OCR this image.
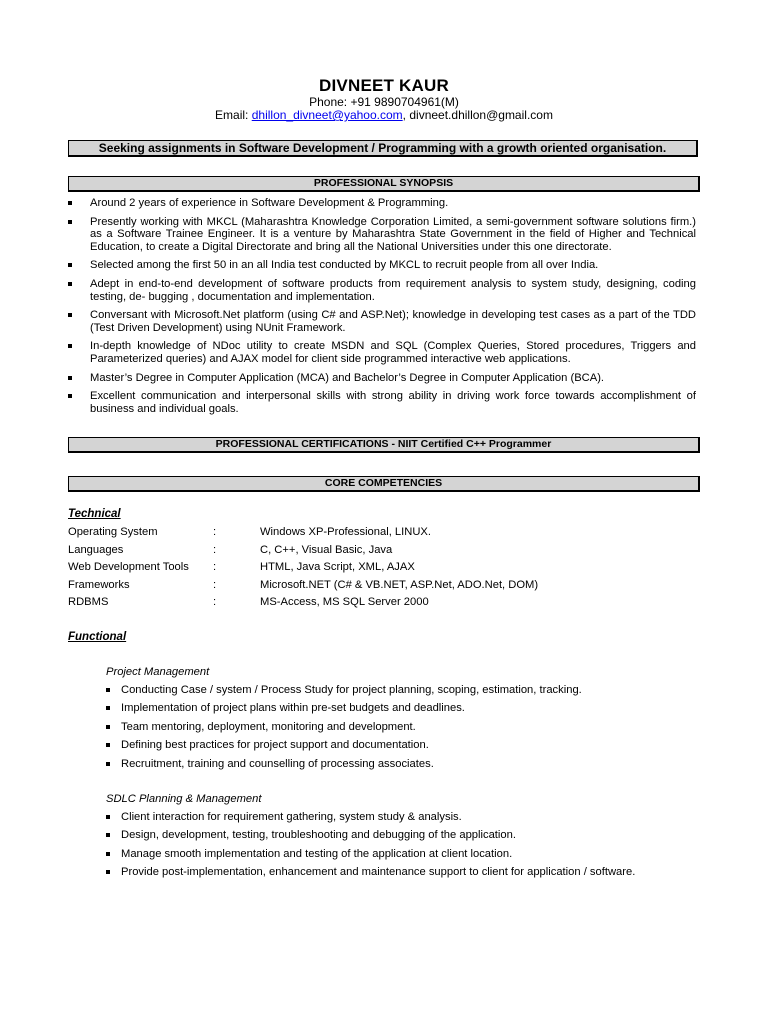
DIVNEET KAUR
Phone: +91 9890704961(M)
Email: dhillon_divneet@yahoo.com, divneet.dhillon@gmail.com
Seeking assignments in Software Development / Programming with a growth oriented organisation.
PROFESSIONAL SYNOPSIS
Around 2 years of experience in Software Development & Programming.
Presently working with MKCL (Maharashtra Knowledge Corporation Limited, a semi-government software solutions firm.) as a Software Trainee Engineer. It is a venture by Maharashtra State Government in the field of Higher and Technical Education, to create a Digital Directorate and bring all the National Universities under this one directorate.
Selected among the first 50 in an all India test conducted by MKCL to recruit people from all over India.
Adept in end-to-end development of software products from requirement analysis to system study, designing, coding testing, de- bugging , documentation and implementation.
Conversant with Microsoft.Net platform (using C# and ASP.Net); knowledge in developing test cases as a part of the TDD (Test Driven Development) using NUnit Framework.
In-depth knowledge of NDoc utility to create MSDN and SQL (Complex Queries, Stored procedures, Triggers and Parameterized queries) and AJAX model for client side programmed interactive web applications.
Master’s Degree in Computer Application (MCA) and Bachelor’s Degree in Computer Application (BCA).
Excellent communication and interpersonal skills with strong ability in driving work force towards accomplishment of business and individual goals.
PROFESSIONAL CERTIFICATIONS - NIIT Certified C++ Programmer
CORE COMPETENCIES
Technical
Operating System	:	Windows XP-Professional, LINUX.
Languages	:	C, C++, Visual Basic, Java
Web Development Tools	:	HTML, Java Script, XML, AJAX
Frameworks	:	Microsoft.NET (C# & VB.NET, ASP.Net, ADO.Net, DOM)
RDBMS	:	MS-Access, MS SQL Server 2000
Functional
Project Management
Conducting Case / system / Process Study for project planning, scoping, estimation, tracking.
Implementation of project plans within pre-set budgets and deadlines.
Team mentoring, deployment, monitoring and development.
Defining best practices for project support and documentation.
Recruitment, training and counselling of processing associates.
SDLC Planning & Management
Client interaction for requirement gathering, system study & analysis.
Design, development, testing, troubleshooting and debugging of the application.
Manage smooth implementation and testing of the application at client location.
Provide post-implementation, enhancement and maintenance support to client for application / software.
